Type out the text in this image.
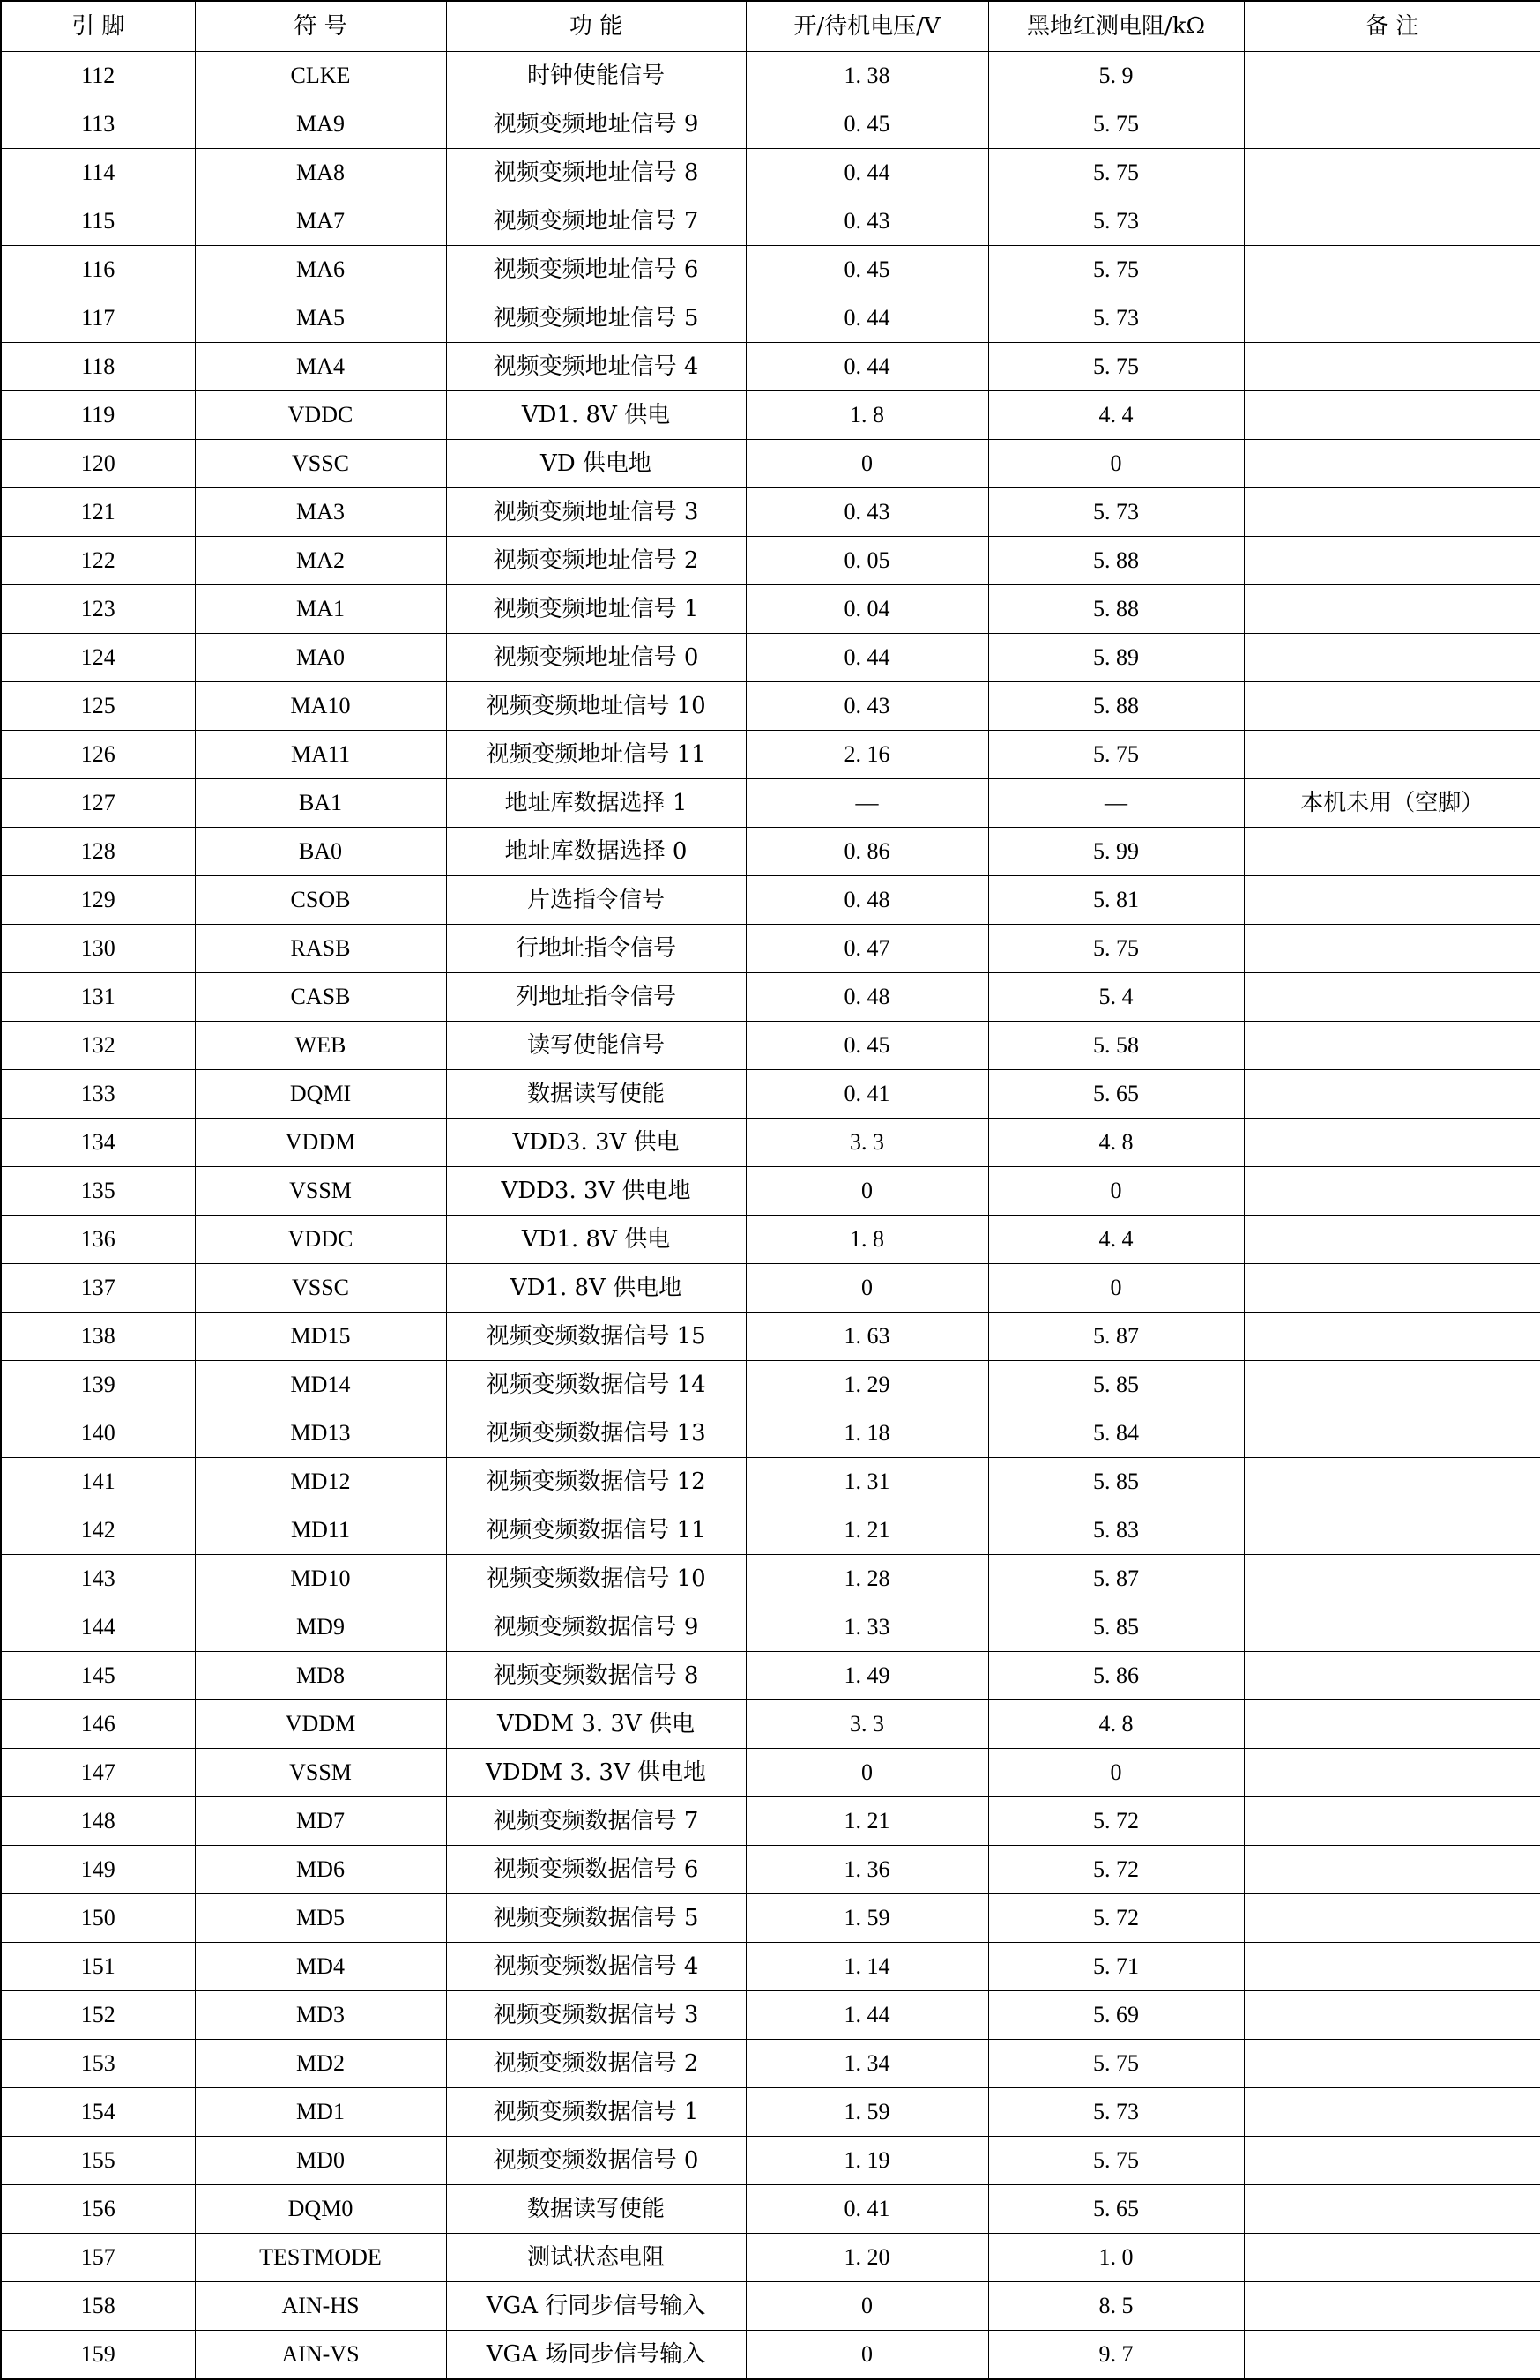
引 脚	符 号	功 能	开/待机电压/V	黑地红测电阻/kΩ	备 注
112	CLKE	时钟使能信号	1. 38	5. 9	
113	MA9	视频变频地址信号 9	0. 45	5. 75	
114	MA8	视频变频地址信号 8	0. 44	5. 75	
115	MA7	视频变频地址信号 7	0. 43	5. 73	
116	MA6	视频变频地址信号 6	0. 45	5. 75	
117	MA5	视频变频地址信号 5	0. 44	5. 73	
118	MA4	视频变频地址信号 4	0. 44	5. 75	
119	VDDC	VD1. 8V 供电	1. 8	4. 4	
120	VSSC	VD 供电地	0	0	
121	MA3	视频变频地址信号 3	0. 43	5. 73	
122	MA2	视频变频地址信号 2	0. 05	5. 88	
123	MA1	视频变频地址信号 1	0. 04	5. 88	
124	MA0	视频变频地址信号 0	0. 44	5. 89	
125	MA10	视频变频地址信号 10	0. 43	5. 88	
126	MA11	视频变频地址信号 11	2. 16	5. 75	
127	BA1	地址库数据选择 1	—	—	本机未用（空脚）
128	BA0	地址库数据选择 0	0. 86	5. 99	
129	CSOB	片选指令信号	0. 48	5. 81	
130	RASB	行地址指令信号	0. 47	5. 75	
131	CASB	列地址指令信号	0. 48	5. 4	
132	WEB	读写使能信号	0. 45	5. 58	
133	DQMI	数据读写使能	0. 41	5. 65	
134	VDDM	VDD3. 3V 供电	3. 3	4. 8	
135	VSSM	VDD3. 3V 供电地	0	0	
136	VDDC	VD1. 8V 供电	1. 8	4. 4	
137	VSSC	VD1. 8V 供电地	0	0	
138	MD15	视频变频数据信号 15	1. 63	5. 87	
139	MD14	视频变频数据信号 14	1. 29	5. 85	
140	MD13	视频变频数据信号 13	1. 18	5. 84	
141	MD12	视频变频数据信号 12	1. 31	5. 85	
142	MD11	视频变频数据信号 11	1. 21	5. 83	
143	MD10	视频变频数据信号 10	1. 28	5. 87	
144	MD9	视频变频数据信号 9	1. 33	5. 85	
145	MD8	视频变频数据信号 8	1. 49	5. 86	
146	VDDM	VDDM 3. 3V 供电	3. 3	4. 8	
147	VSSM	VDDM 3. 3V 供电地	0	0	
148	MD7	视频变频数据信号 7	1. 21	5. 72	
149	MD6	视频变频数据信号 6	1. 36	5. 72	
150	MD5	视频变频数据信号 5	1. 59	5. 72	
151	MD4	视频变频数据信号 4	1. 14	5. 71	
152	MD3	视频变频数据信号 3	1. 44	5. 69	
153	MD2	视频变频数据信号 2	1. 34	5. 75	
154	MD1	视频变频数据信号 1	1. 59	5. 73	
155	MD0	视频变频数据信号 0	1. 19	5. 75	
156	DQM0	数据读写使能	0. 41	5. 65	
157	TESTMODE	测试状态电阻	1. 20	1. 0	
158	AIN-HS	VGA 行同步信号输入	0	8. 5	
159	AIN-VS	VGA 场同步信号输入	0	9. 7	
